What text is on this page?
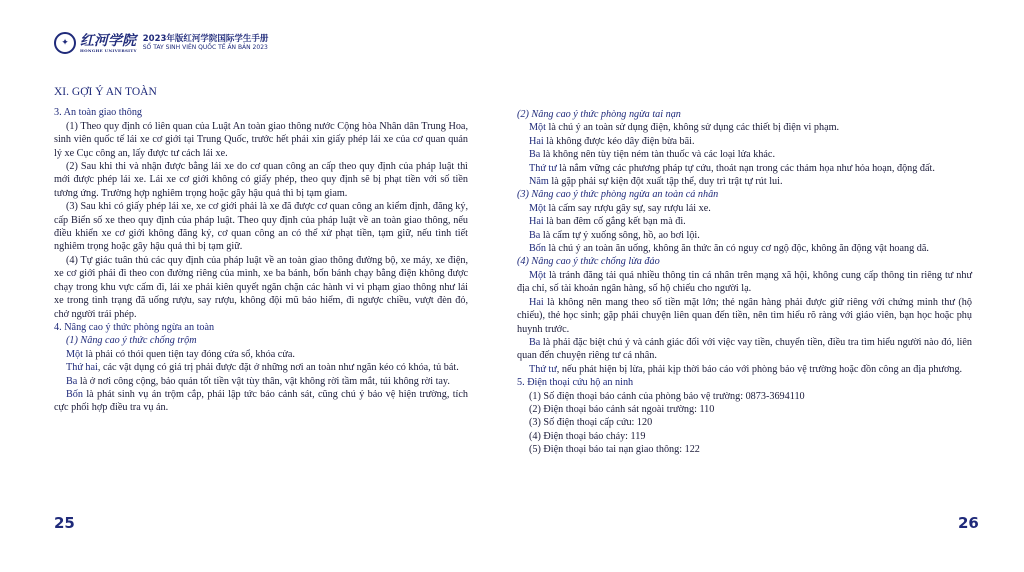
✦ 红河学院
HONGHE UNIVERSITY
2023年版红河学院国际学生手册
SỔ TAY SINH VIÊN QUỐC TẾ ẤN BẢN 2023

XI. GỢI Ý AN TOÀN

3. An toàn giao thông

(1) Theo quy định có liên quan của Luật An toàn giao thông nước Cộng hòa Nhân dân Trung Hoa, sinh viên quốc tế lái xe cơ giới tại Trung Quốc, trước hết phải xin giấy phép lái xe của cơ quan quản lý xe Cục công an, lấy được tư cách lái xe.

(2) Sau khi thi và nhận được bằng lái xe do cơ quan công an cấp theo quy định của pháp luật thì mới được phép lái xe. Lái xe cơ giới không có giấy phép, theo quy định sẽ bị phạt tiền với số tiền tương ứng. Trường hợp nghiêm trọng hoặc gây hậu quả thì bị tạm giam.

(3) Sau khi có giấy phép lái xe, xe cơ giới phải là xe đã được cơ quan công an kiểm định, đăng ký, cấp Biển số xe theo quy định của pháp luật. Theo quy định của pháp luật về an toàn giao thông, nếu điều khiển xe cơ giới không đăng ký, cơ quan công an có thể xử phạt tiền, tạm giữ, nếu tình tiết nghiêm trọng hoặc gây hậu quả thì bị tạm giữ.

(4) Tự giác tuân thủ các quy định của pháp luật về an toàn giao thông đường bộ, xe máy, xe điện, xe cơ giới phải đi theo con đường riêng của mình, xe ba bánh, bốn bánh chạy bằng điện không được chạy trong khu vực cấm đi, lái xe phải kiên quyết ngăn chặn các hành vi vi phạm giao thông như lái xe trong tình trạng đã uống rượu, say rượu, không đội mũ bảo hiểm, đi ngược chiều, vượt đèn đỏ, chở người trái phép.

4. Nâng cao ý thức phòng ngừa an toàn

(1) Nâng cao ý thức chống trộm

Một là phải có thói quen tiện tay đóng cửa sổ, khóa cửa.

Thứ hai, các vật dụng có giá trị phải được đặt ở những nơi an toàn như ngăn kéo có khóa, tủ bát.

Ba là ở nơi công cộng, bảo quản tốt tiền vật tùy thân, vật không rời tầm mắt, túi không rời tay.

Bốn là phát sinh vụ án trộm cắp, phải lập tức báo cảnh sát, cũng chú ý bảo vệ hiện trường, tích cực phối hợp điều tra vụ án.

(2) Nâng cao ý thức phòng ngừa tai nạn

Một là chú ý an toàn sử dụng điện, không sử dụng các thiết bị điện vi phạm.

Hai là không được kéo dây điện bừa bãi.

Ba là không nên tùy tiện ném tàn thuốc và các loại lửa khác.

Thứ tư là nắm vững các phương pháp tự cứu, thoát nạn trong các thảm họa như hỏa hoạn, động đất.

Năm là gặp phải sự kiện đột xuất tập thể, duy trì trật tự rút lui.

(3) Nâng cao ý thức phòng ngừa an toàn cá nhân

Một là cấm say rượu gây sự, say rượu lái xe.

Hai là ban đêm cố gắng kết bạn mà đi.

Ba là cẩm tự ý xuống sông, hồ, ao bơi lội.

Bốn là chú ý an toàn ăn uống, không ăn thức ăn có nguy cơ ngộ độc, không ăn động vật hoang dã.

(4) Nâng cao ý thức chống lừa đảo

Một là tránh đăng tải quá nhiều thông tin cá nhân trên mạng xã hội, không cung cấp thông tin riêng tư như địa chỉ, số tài khoản ngân hàng, số hộ chiếu cho người lạ.

Hai là không nên mang theo số tiền mặt lớn; thẻ ngân hàng phải được giữ riêng với chứng minh thư (hộ chiếu), thẻ học sinh; gặp phải chuyện liên quan đến tiền, nên tìm hiểu rõ ràng với giáo viên, bạn học hoặc phụ huynh trước.

Ba là phải đặc biệt chú ý và cảnh giác đối với việc vay tiền, chuyển tiền, điều tra tìm hiểu người nào đó, liên quan đến chuyện riêng tư cá nhân.

Thứ tư, nếu phát hiện bị lừa, phải kịp thời báo cáo với phòng bảo vệ trường hoặc đồn công an địa phương.

5. Điện thoại cứu hộ an ninh

(1) Số điện thoại báo cảnh của phòng bảo vệ trường: 0873-3694110

(2) Điện thoại báo cảnh sát ngoài trường: 110

(3) Số điện thoại cấp cứu: 120

(4) Điện thoại báo cháy: 119

(5) Điện thoại báo tai nạn giao thông: 122

25	26
